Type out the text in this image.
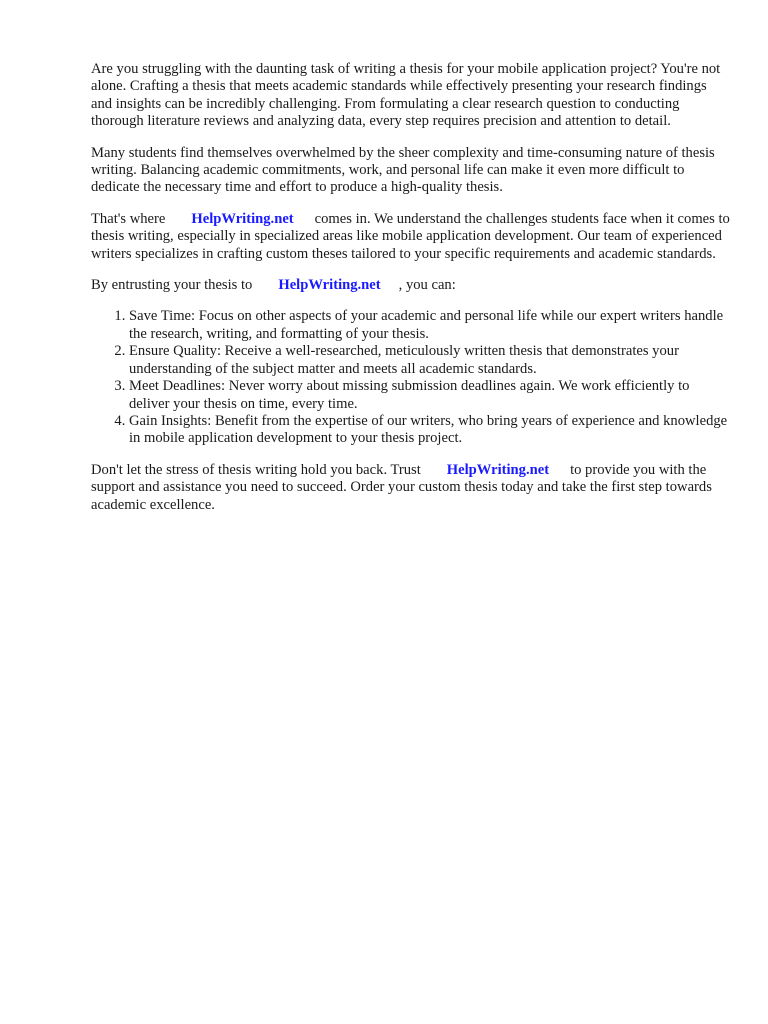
Are you struggling with the daunting task of writing a thesis for your mobile application project? You're not alone. Crafting a thesis that meets academic standards while effectively presenting your research findings and insights can be incredibly challenging. From formulating a clear research question to conducting thorough literature reviews and analyzing data, every step requires precision and attention to detail.

Many students find themselves overwhelmed by the sheer complexity and time-consuming nature of thesis writing. Balancing academic commitments, work, and personal life can make it even more difficult to dedicate the necessary time and effort to produce a high-quality thesis.

That's where HelpWriting.net comes in. We understand the challenges students face when it comes to thesis writing, especially in specialized areas like mobile application development. Our team of experienced writers specializes in crafting custom theses tailored to your specific requirements and academic standards.

By entrusting your thesis to HelpWriting.net , you can:

1. Save Time: Focus on other aspects of your academic and personal life while our expert writers handle the research, writing, and formatting of your thesis.
2. Ensure Quality: Receive a well-researched, meticulously written thesis that demonstrates your understanding of the subject matter and meets all academic standards.
3. Meet Deadlines: Never worry about missing submission deadlines again. We work efficiently to deliver your thesis on time, every time.
4. Gain Insights: Benefit from the expertise of our writers, who bring years of experience and knowledge in mobile application development to your thesis project.

Don't let the stress of thesis writing hold you back. Trust HelpWriting.net to provide you with the support and assistance you need to succeed. Order your custom thesis today and take the first step towards academic excellence.
